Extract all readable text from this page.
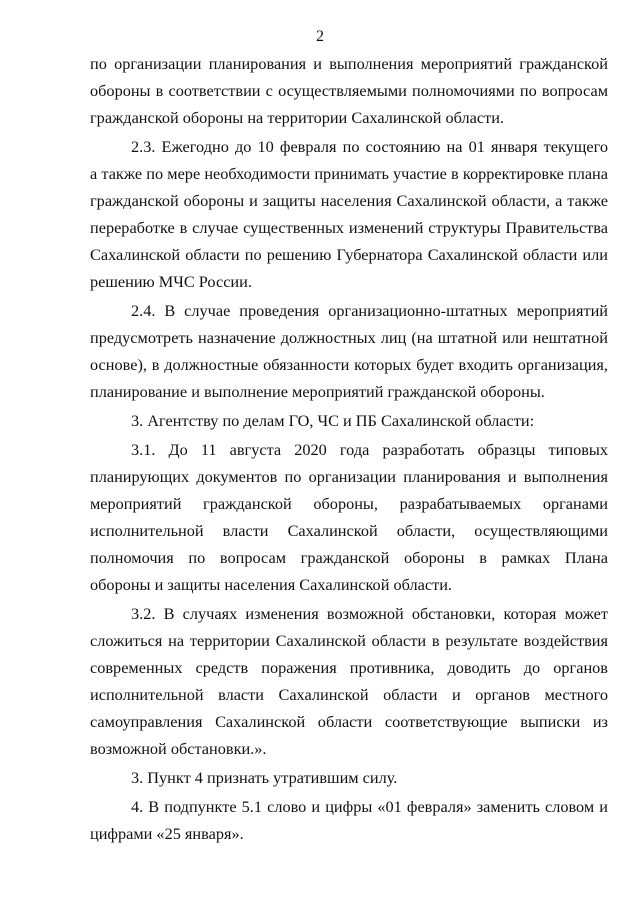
2
по организации планирования и выполнения мероприятий гражданской
обороны в соответствии с осуществляемыми полномочиями по вопросам
гражданской обороны на территории Сахалинской области.
2.3. Ежегодно до 10 февраля по состоянию на 01 января текущего
а также по мере необходимости принимать участие в корректировке плана
гражданской обороны и защиты населения Сахалинской области, а также
переработке в случае существенных изменений структуры Правительства
Сахалинской области по решению Губернатора Сахалинской области или
решению МЧС России.
2.4. В случае проведения организационно-штатных мероприятий
предусмотреть назначение должностных лиц (на штатной или нештатной
основе), в должностные обязанности которых будет входить организация,
планирование и выполнение мероприятий гражданской обороны.
3. Агентству по делам ГО, ЧС и ПБ Сахалинской области:
3.1. До 11 августа 2020 года разработать образцы типовых
планирующих документов по организации планирования и выполнения
мероприятий гражданской обороны, разрабатываемых органами
исполнительной власти Сахалинской области, осуществляющими
полномочия по вопросам гражданской обороны в рамках Плана
обороны и защиты населения Сахалинской области.
3.2. В случаях изменения возможной обстановки, которая может
сложиться на территории Сахалинской области в результате воздействия
современных средств поражения противника, доводить до органов
исполнительной власти Сахалинской области и органов местного
самоуправления Сахалинской области соответствующие выписки из
возможной обстановки.».
3. Пункт 4 признать утратившим силу.
4. В подпункте 5.1 слово и цифры «01 февраля» заменить словом и
цифрами «25 января».
